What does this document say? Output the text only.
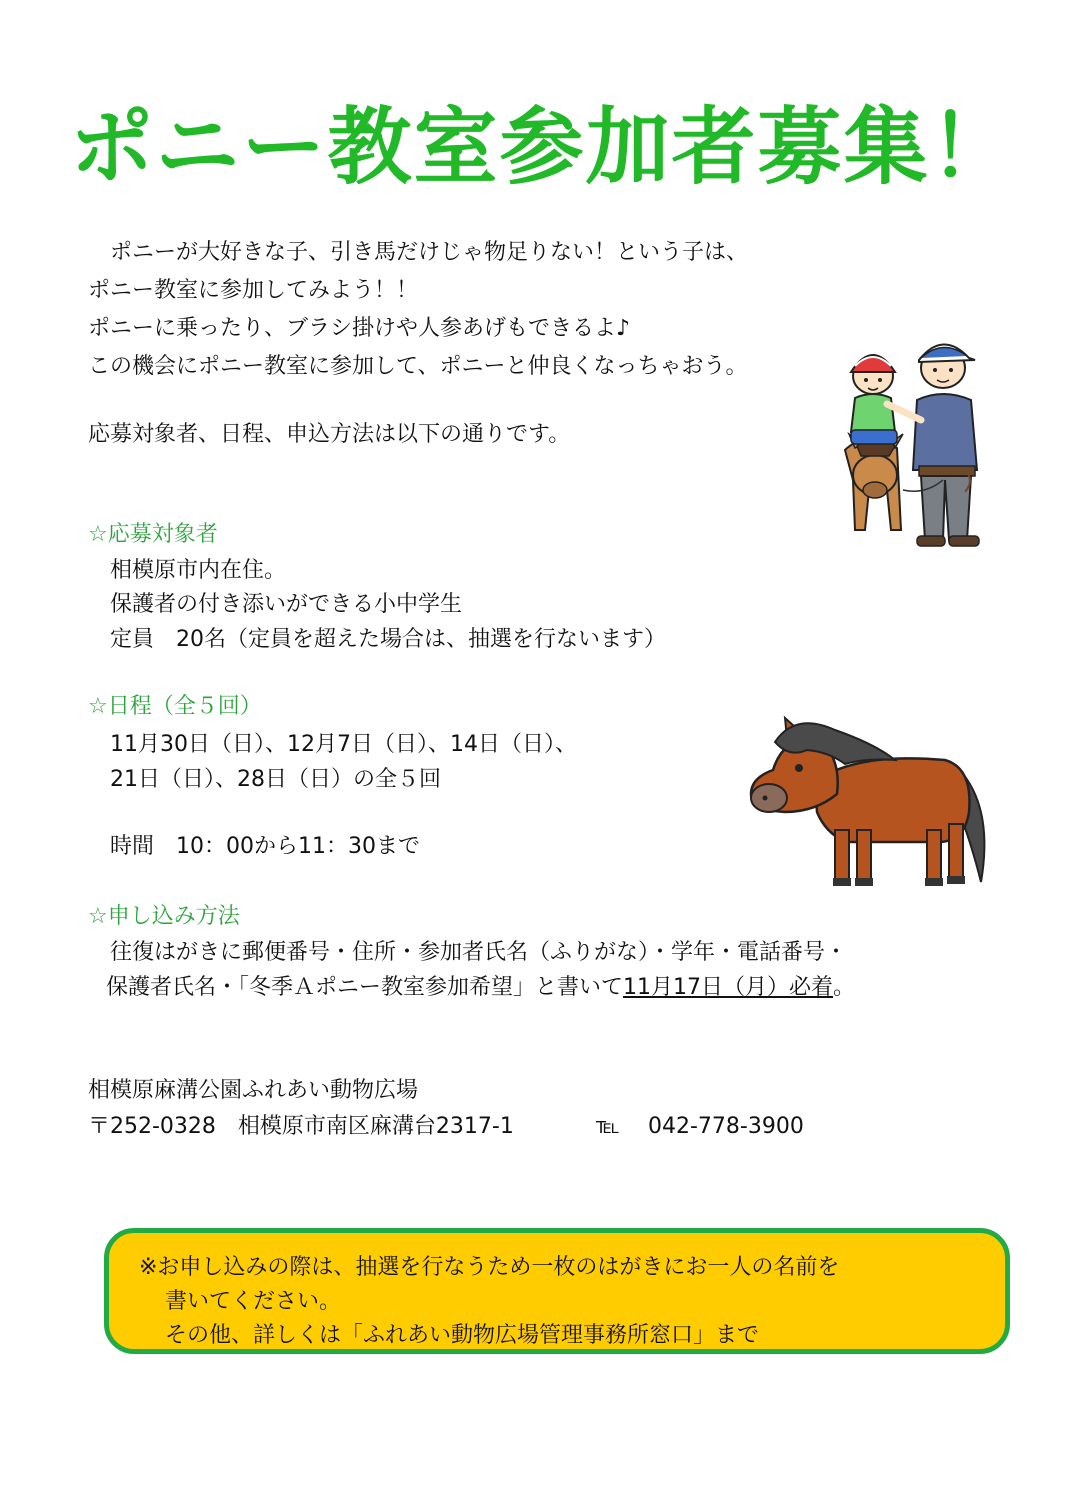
ポニー教室参加者募集！
　ポニーが大好きな子、引き馬だけじゃ物足りない！という子は、
ポニー教室に参加してみよう！！
ポニーに乗ったり、ブラシ掛けや人参あげもできるよ♪
この機会にポニー教室に参加して、ポニーと仲良くなっちゃおう。
応募対象者、日程、申込方法は以下の通りです。
☆応募対象者
相模原市内在住。
保護者の付き添いができる小中学生
定員　20名（定員を超えた場合は、抽選を行ないます）
☆日程（全５回）
11月30日（日）、12月7日（日）、14日（日）、
21日（日）、28日（日）の全５回
時間　10：00から11：30まで
☆申し込み方法
往復はがきに郵便番号・住所・参加者氏名（ふりがな）・学年・電話番号・
保護者氏名・「冬季Ａポニー教室参加希望」と書いて11月17日（月）必着。
相模原麻溝公園ふれあい動物広場
〒252-0328　相模原市南区麻溝台2317-1	℡ 042-778-3900
※お申し込みの際は、抽選を行なうため一枚のはがきにお一人の名前を
書いてください。
その他、詳しくは「ふれあい動物広場管理事務所窓口」まで
